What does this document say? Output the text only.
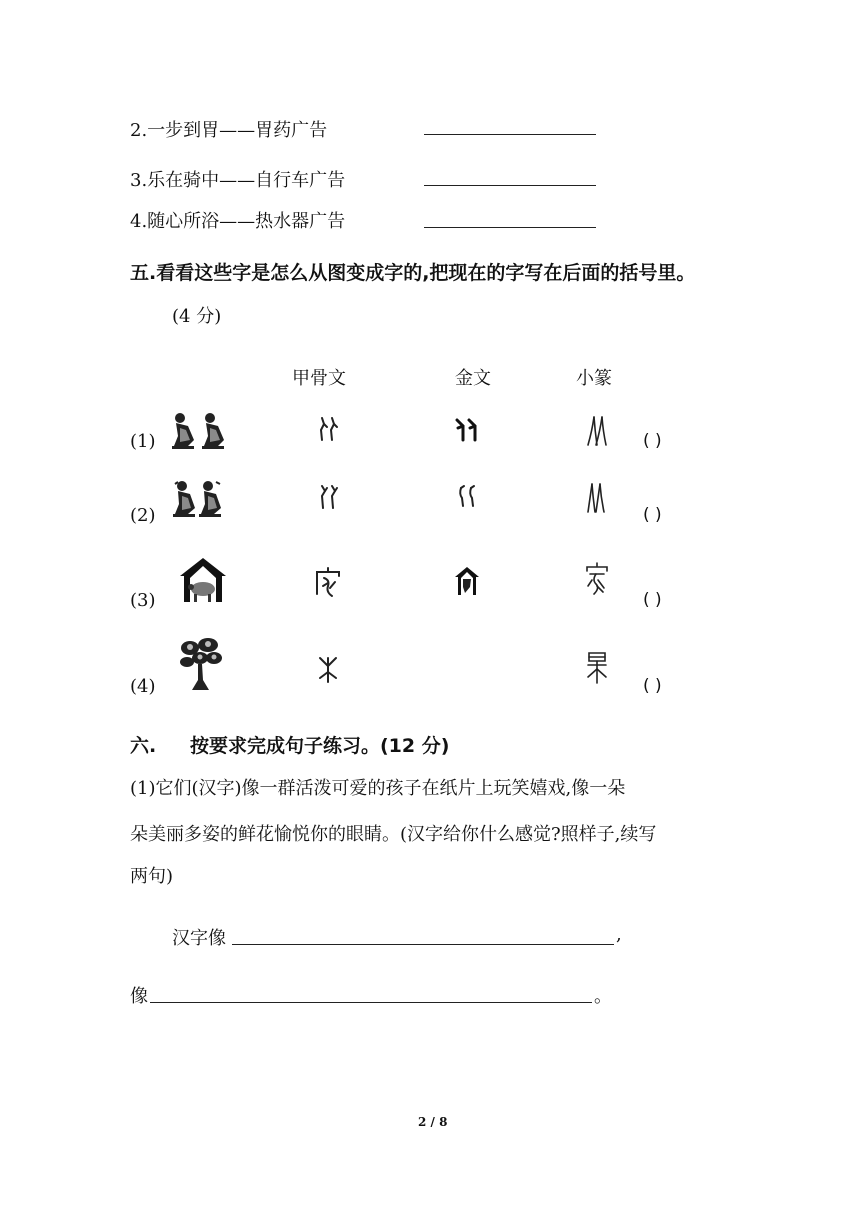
2.一步到胃——胃药广告
3.乐在骑中——自行车广告
4.随心所浴——热水器广告
五.看看这些字是怎么从图变成字的,把现在的字写在后面的括号里。
(4 分)
甲骨文	金文	小篆
(1)	( )
(2)	( )
(3)	( )
(4)	( )
六. 按要求完成句子练习。(12 分)
(1)它们(汉字)像一群活泼可爱的孩子在纸片上玩笑嬉戏,像一朵
朵美丽多姿的鲜花愉悦你的眼睛。(汉字给你什么感觉?照样子,续写
两句)
汉字像	,
像	。
2 / 8
